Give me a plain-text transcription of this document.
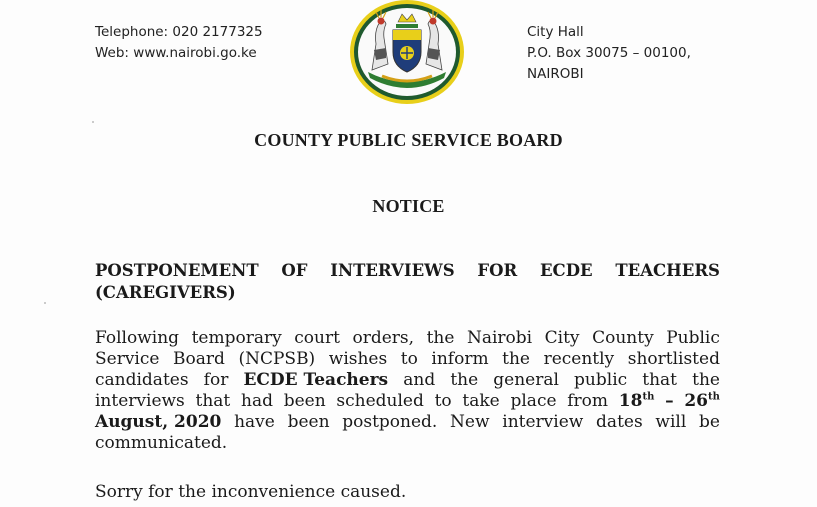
Telephone: 020 2177325
Web: www.nairobi.go.ke
City Hall
P.O. Box 30075 – 00100,
NAIROBI
COUNTY PUBLIC SERVICE BOARD
NOTICE
POSTPONEMENT OF INTERVIEWS FOR ECDE TEACHERS
(CAREGIVERS)
Following temporary court orders, the Nairobi City County Public
Service Board (NCPSB) wishes to inform the recently shortlisted
candidates for ECDE Teachers and the general public that the
interviews that had been scheduled to take place from 18th – 26th
August, 2020 have been postponed. New interview dates will be
communicated.
Sorry for the inconvenience caused.
